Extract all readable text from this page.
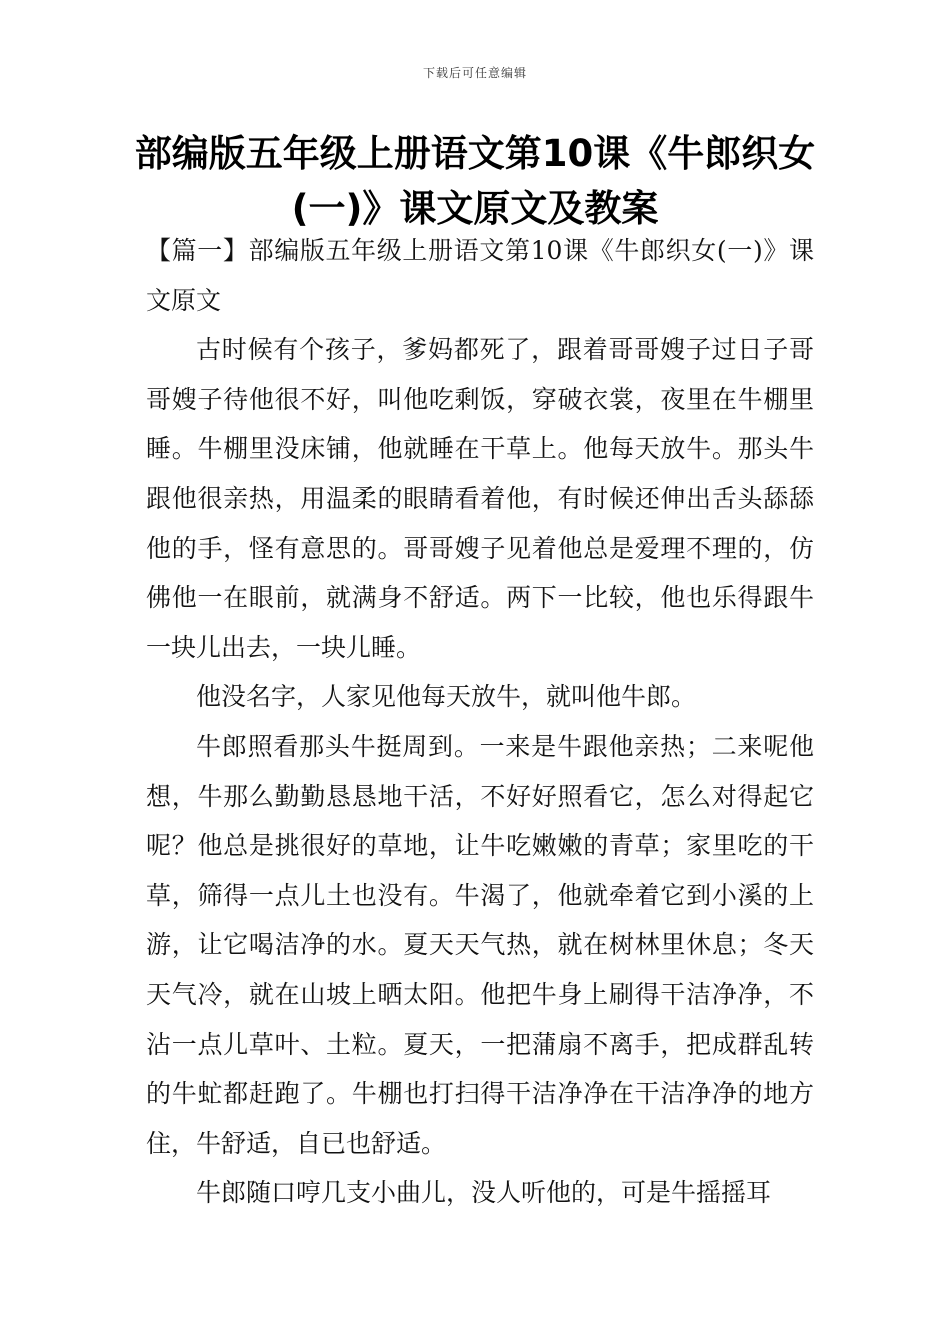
下载后可任意编辑
部编版五年级上册语文第10课《牛郎织女(一)》课文原文及教案

【篇一】部编版五年级上册语文第10课《牛郎织女(一)》课文原文

古时候有个孩子，爹妈都死了，跟着哥哥嫂子过日子哥哥嫂子待他很不好，叫他吃剩饭，穿破衣裳，夜里在牛棚里睡。牛棚里没床铺，他就睡在干草上。他每天放牛。那头牛跟他很亲热，用温柔的眼睛看着他，有时候还伸出舌头舔舔他的手，怪有意思的。哥哥嫂子见着他总是爱理不理的，仿佛他一在眼前，就满身不舒适。两下一比较，他也乐得跟牛一块儿出去，一块儿睡。

他没名字，人家见他每天放牛，就叫他牛郎。

牛郎照看那头牛挺周到。一来是牛跟他亲热；二来呢他想，牛那么勤勤恳恳地干活，不好好照看它，怎么对得起它呢？他总是挑很好的草地，让牛吃嫩嫩的青草；家里吃的干草，筛得一点儿土也没有。牛渴了，他就牵着它到小溪的上游，让它喝洁净的水。夏天天气热，就在树林里休息；冬天天气冷，就在山坡上晒太阳。他把牛身上刷得干洁净净，不沾一点儿草叶、土粒。夏天，一把蒲扇不离手，把成群乱转的牛虻都赶跑了。牛棚也打扫得干洁净净在干洁净净的地方住，牛舒适，自已也舒适。

牛郎随口哼几支小曲儿，没人听他的，可是牛摇摇耳
